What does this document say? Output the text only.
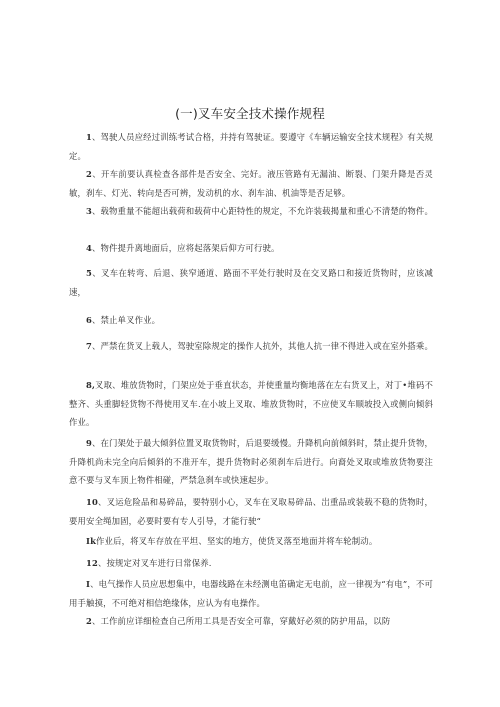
(一)叉车安全技术操作规程

1、驾驶人员应经过训练考试合格，并持有驾驶证。要遵守《车辆运输安全技术规程》有关规定。

2、开车前要认真检查各部件是否安全、完好。液压管路有无漏油、断裂、门架升降是否灵敏，刹车、灯光、转向是否可辨，发动机的水、刹车油、机油等是否足够。

3、载物重量不能超出载荷和载荷中心距特性的规定，不允许装载揭量和重心不清楚的物件。

4、物件提升离地面后，应将起落架后仰方可行驶。

5、叉车在转弯、后退、狭窄通道、路面不平处行驶时及在交叉路口和接近货物时，应该减速，

6、禁止单叉作业。

7、严禁在货叉上载人，驾驶室除规定的操作人抗外，其他人抗一律不得进入或在室外搭乘。

8,叉取、堆放货物时，门架应处于垂直状态，并使重量均衡地落在左右货叉上，对丁•堆码不整齐、头重脚轻货物不得使用叉车.在小坡上叉取、堆放货物时，不应使叉车顺坡投入或侧向倾斜作业。

9、在门架处于最大倾斜位置叉取货物时，后退要缓慢。升降机向前倾斜时，禁止提升货物，升降机尚未完全向后倾斜的不准开车，提升货物时必须刹车后进行。向裔处叉取或堆放货物要注意不要与叉车顶上物件相碰，严禁急刹车或快速起步。

10、叉运危险品和易碎品，要特别小心，叉车在叉取易碎品、岀重品或装载不稳的货物时，要用安全绳加固，必要时要有专人引导，才能行驶“

Ik作业后，将叉车存放在平坦、坚实的地方，使货叉落至地面并将车轮制动。

12、按规定对叉车进行日常保养.

I、电气操作人员应思想集中，电器线路在未经测电笛确定无电前，应一律视为“有电”，不可用手触摸，不可绝对相信绝缘体，应认为有电操作。

2、工作前应详细检查自己所用工具是否安全可靠，穿戴好必须的防护用品，以防
